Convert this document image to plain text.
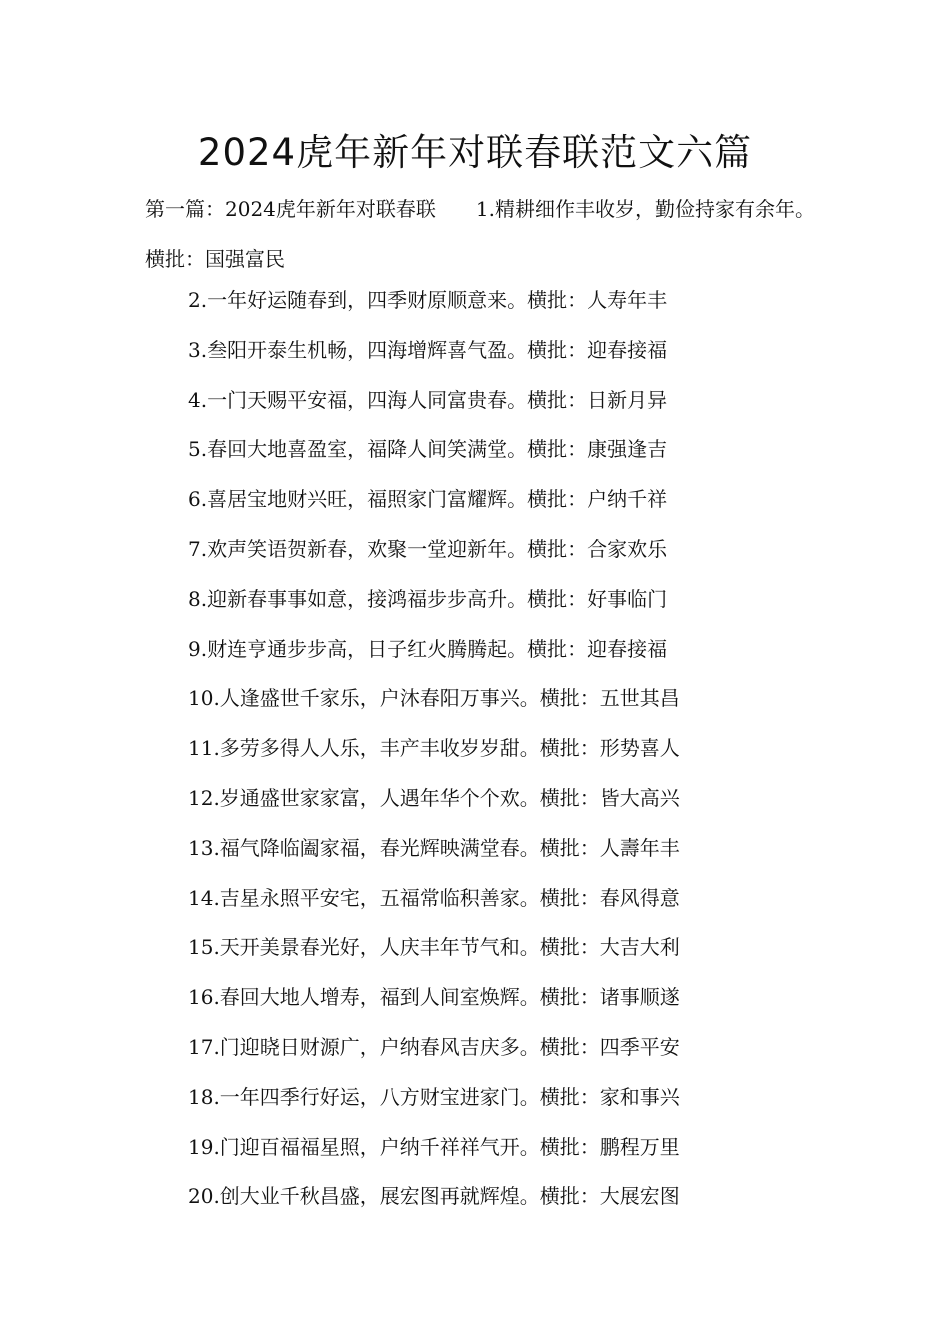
2024虎年新年对联春联范文六篇
第一篇：2024虎年新年对联春联 1.精耕细作丰收岁，勤俭持家有余年。横批：国强富民
2.一年好运随春到，四季财原顺意来。横批：人寿年丰
3.叁阳开泰生机畅，四海增辉喜气盈。横批：迎春接福
4.一门天赐平安福，四海人同富贵春。横批：日新月异
5.春回大地喜盈室，福降人间笑满堂。横批：康强逢吉
6.喜居宝地财兴旺，福照家门富耀辉。横批：户纳千祥
7.欢声笑语贺新春，欢聚一堂迎新年。横批：合家欢乐
8.迎新春事事如意，接鸿福步步高升。横批：好事临门
9.财连亨通步步高，日子红火腾腾起。横批：迎春接福
10.人逢盛世千家乐，户沐春阳万事兴。横批：五世其昌
11.多劳多得人人乐，丰产丰收岁岁甜。横批：形势喜人
12.岁通盛世家家富，人遇年华个个欢。横批：皆大高兴
13.福气降临阖家福，春光辉映满堂春。横批：人壽年丰
14.吉星永照平安宅，五福常临积善家。横批：春风得意
15.天开美景春光好，人庆丰年节气和。横批：大吉大利
16.春回大地人增寿，福到人间室焕辉。横批：诸事顺遂
17.门迎晓日财源广，户纳春风吉庆多。横批：四季平安
18.一年四季行好运，八方财宝进家门。横批：家和事兴
19.门迎百福福星照，户纳千祥祥气开。横批：鹏程万里
20.创大业千秋昌盛，展宏图再就辉煌。横批：大展宏图
